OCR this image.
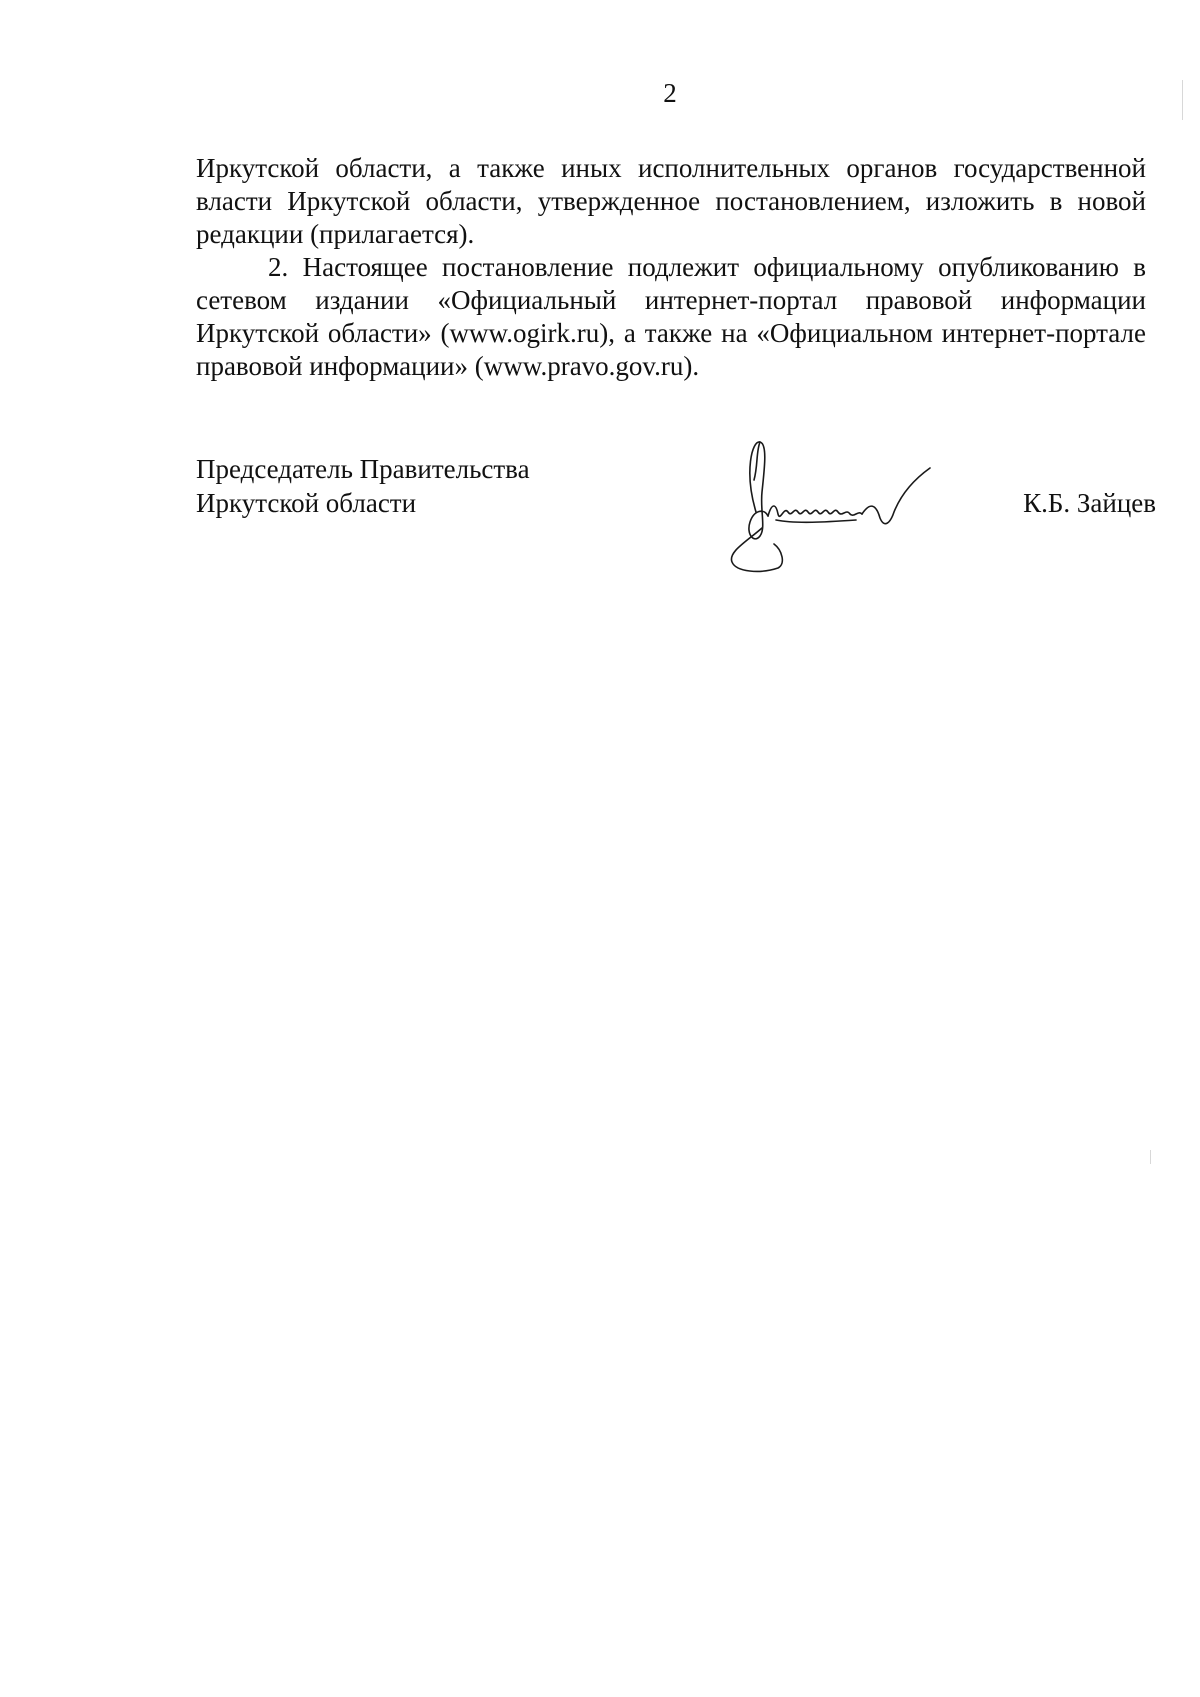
2

Иркутской области, а также иных исполнительных органов государственной власти Иркутской области, утвержденное постановлением, изложить в новой редакции (прилагается).

2. Настоящее постановление подлежит официальному опубликованию в сетевом издании «Официальный интернет-портал правовой информации Иркутской области» (www.ogirk.ru), а также на «Официальном интернет-портале правовой информации» (www.pravo.gov.ru).

Председатель Правительства
Иркутской области	К.Б. Зайцев
